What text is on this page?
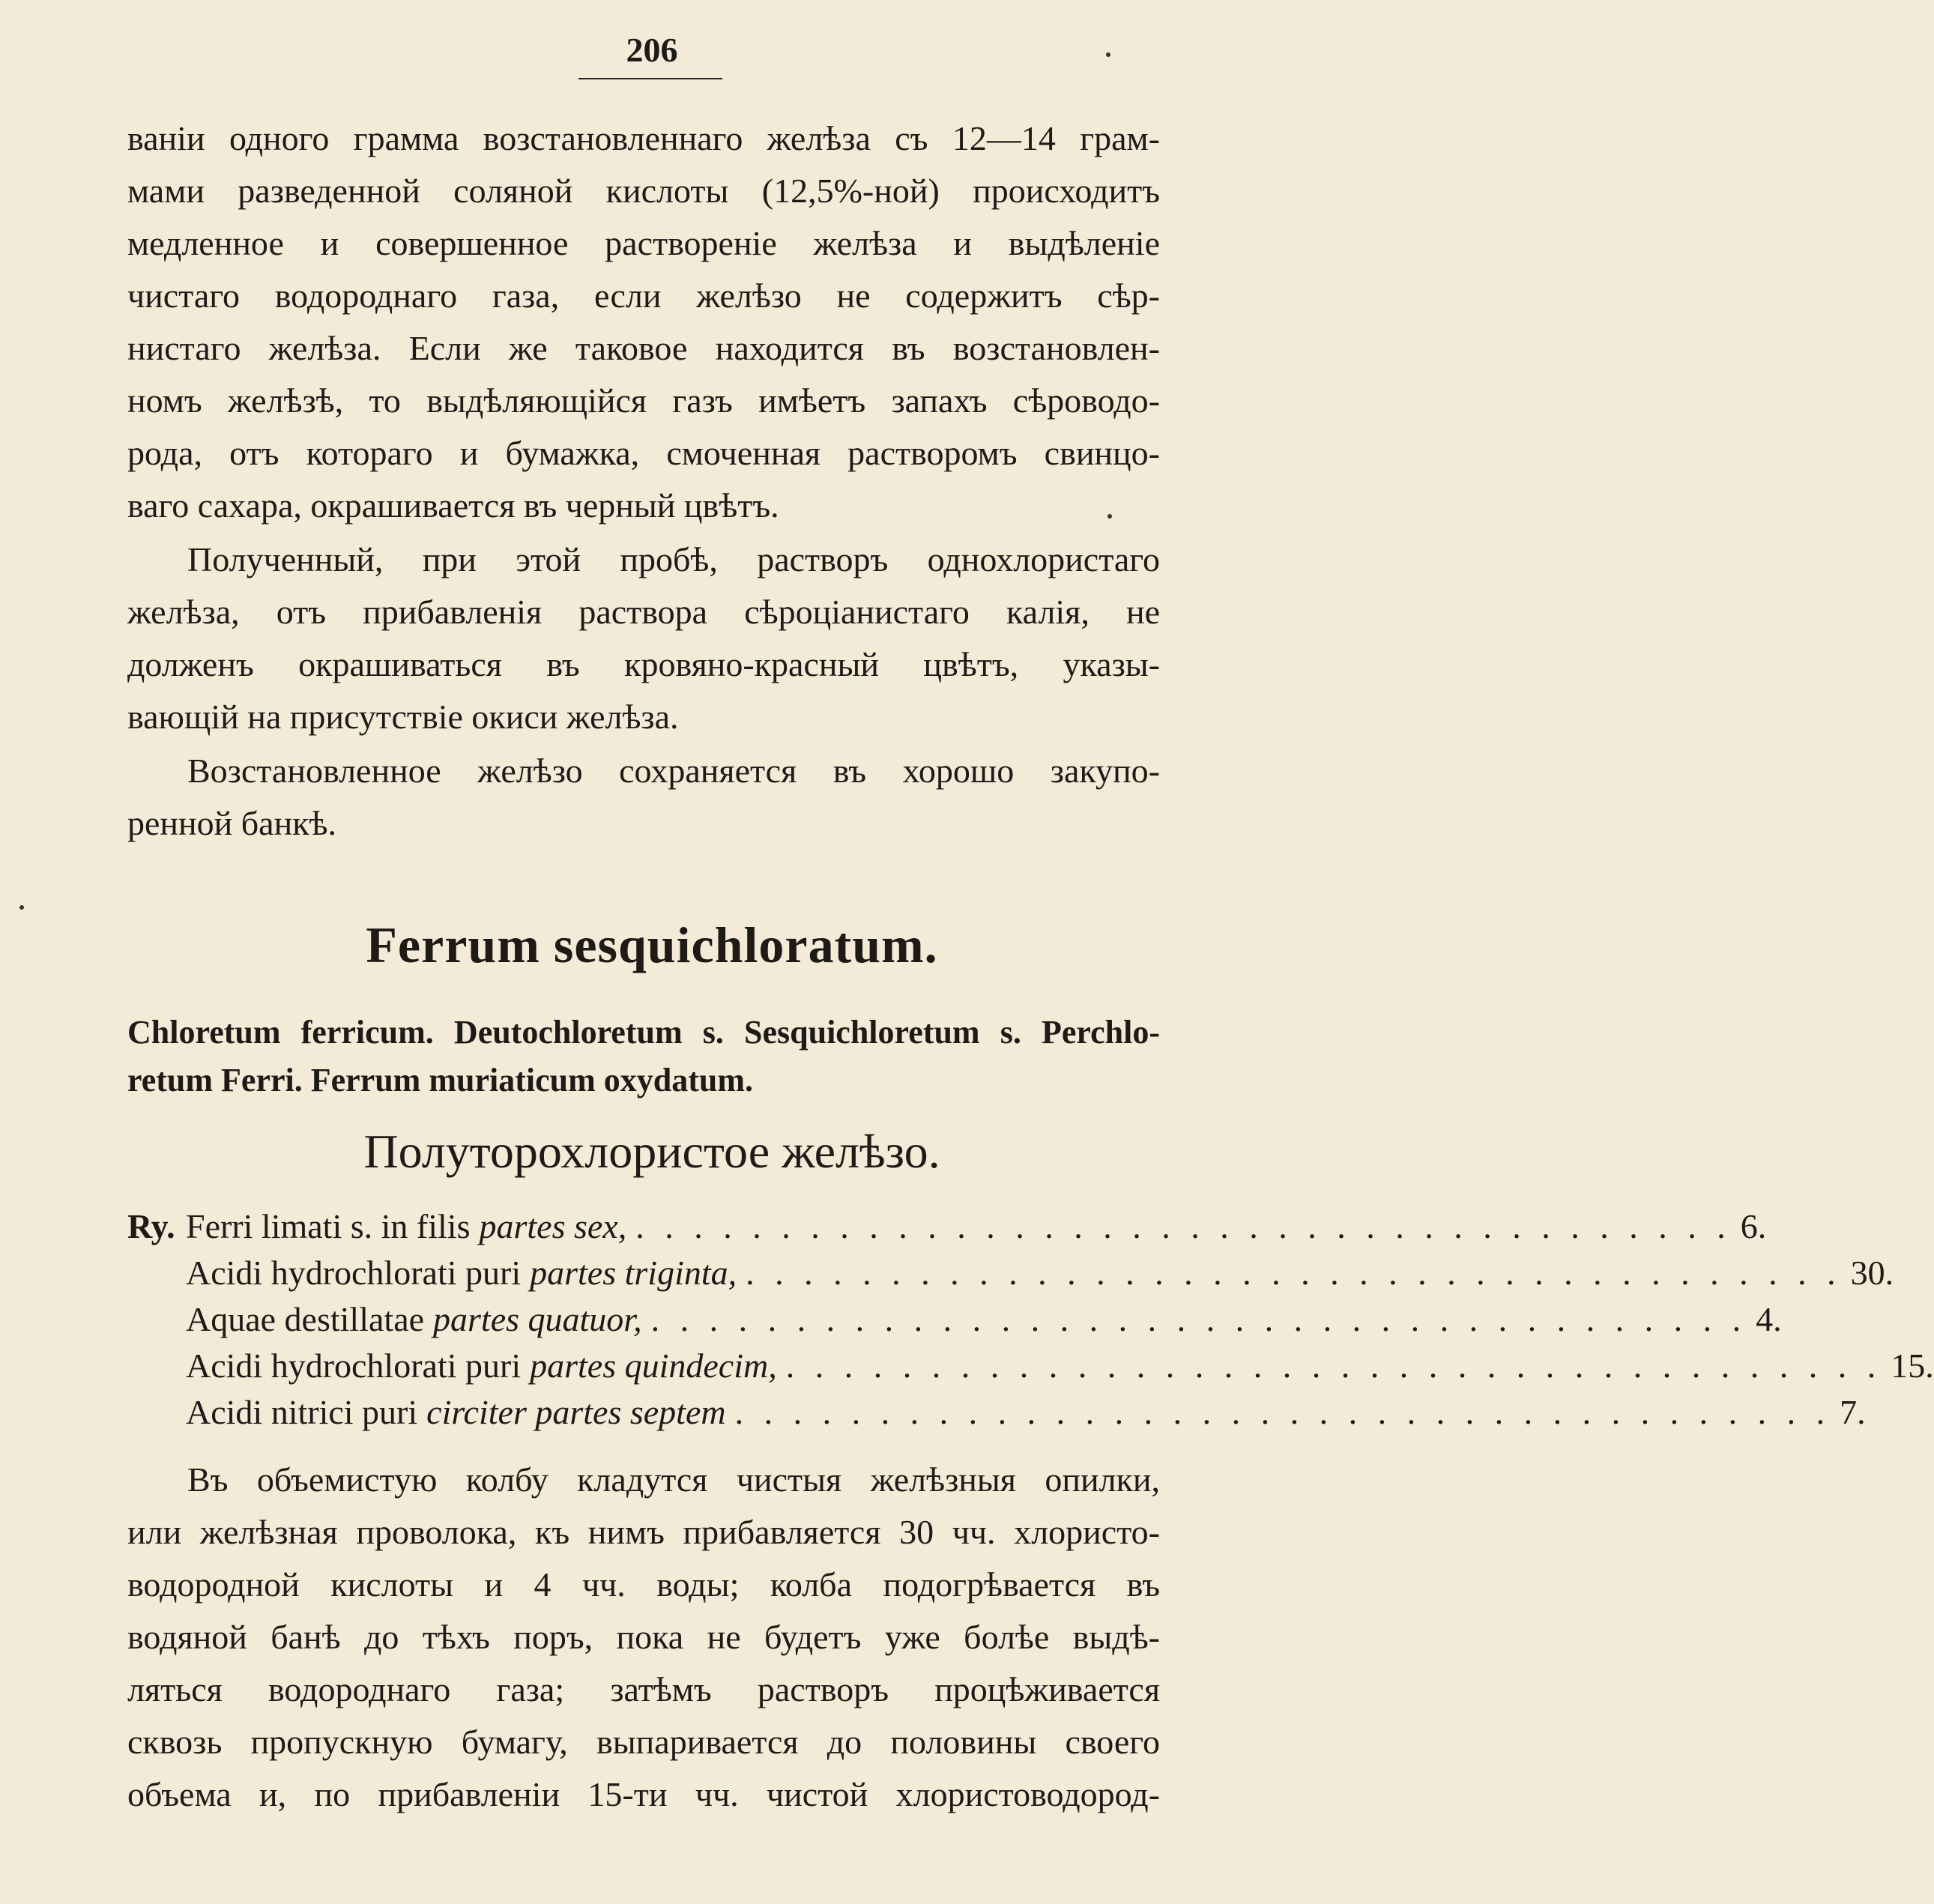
206
ванiи одного грамма возстановленнаго желѣза съ 12—14 грам-
мами разведенной соляной кислоты (12,5%-ной) происходитъ
медленное и совершенное раствореніе желѣза и выдѣленіе
чистаго водороднаго газа, если желѣзо не содержитъ сѣр-
нистаго желѣза. Если же таковое находится въ возстановлен-
номъ желѣзѣ, то выдѣляющійся газъ имѣетъ запахъ сѣроводо-
рода, отъ котораго и бумажка, смоченная растворомъ свинцо-
ваго сахара, окрашивается въ черный цвѣтъ.
Полученный, при этой пробѣ, растворъ однохлористаго
желѣза, отъ прибавленія раствора сѣроціанистаго калія, не
долженъ окрашиваться въ кровяно-красный цвѣтъ, указы-
вающій на присутствіе окиси желѣза.
Возстановленное желѣзо сохраняется въ хорошо закупо-
ренной банкѣ.
Ferrum sesquichloratum.
Chloretum ferricum. Deutochloretum s. Sesquichloretum s. Perchlo-
retum Ferri. Ferrum muriaticum oxydatum.
Полуторохлористое желѣзо.
Ry. Ferri limati s. in filis partes sex, . . . . . . . . . . . . . . . . . . . . . . . . . . . . . . . . . . . . . . 6.
Acidi hydrochlorati puri partes triginta, . . . . . . . . . . . . . . . . . . . . . . . . . . . . . . . . . . . . . . 30.
Aquae destillatae partes quatuor, . . . . . . . . . . . . . . . . . . . . . . . . . . . . . . . . . . . . . . 4.
Acidi hydrochlorati puri partes quindecim, . . . . . . . . . . . . . . . . . . . . . . . . . . . . . . . . . . . . . . 15.
Acidi nitrici puri circiter partes septem . . . . . . . . . . . . . . . . . . . . . . . . . . . . . . . . . . . . . . 7.
Въ объемистую колбу кладутся чистыя желѣзныя опилки,
или желѣзная проволока, къ нимъ прибавляется 30 чч. хлористо-
водородной кислоты и 4 чч. воды; колба подогрѣвается въ
водяной банѣ до тѣхъ поръ, пока не будетъ уже болѣе выдѣ-
ляться водороднаго газа; затѣмъ растворъ процѣживается
сквозь пропускную бумагу, выпаривается до половины своего
объема и, по прибавленіи 15-ти чч. чистой хлористоводород-
